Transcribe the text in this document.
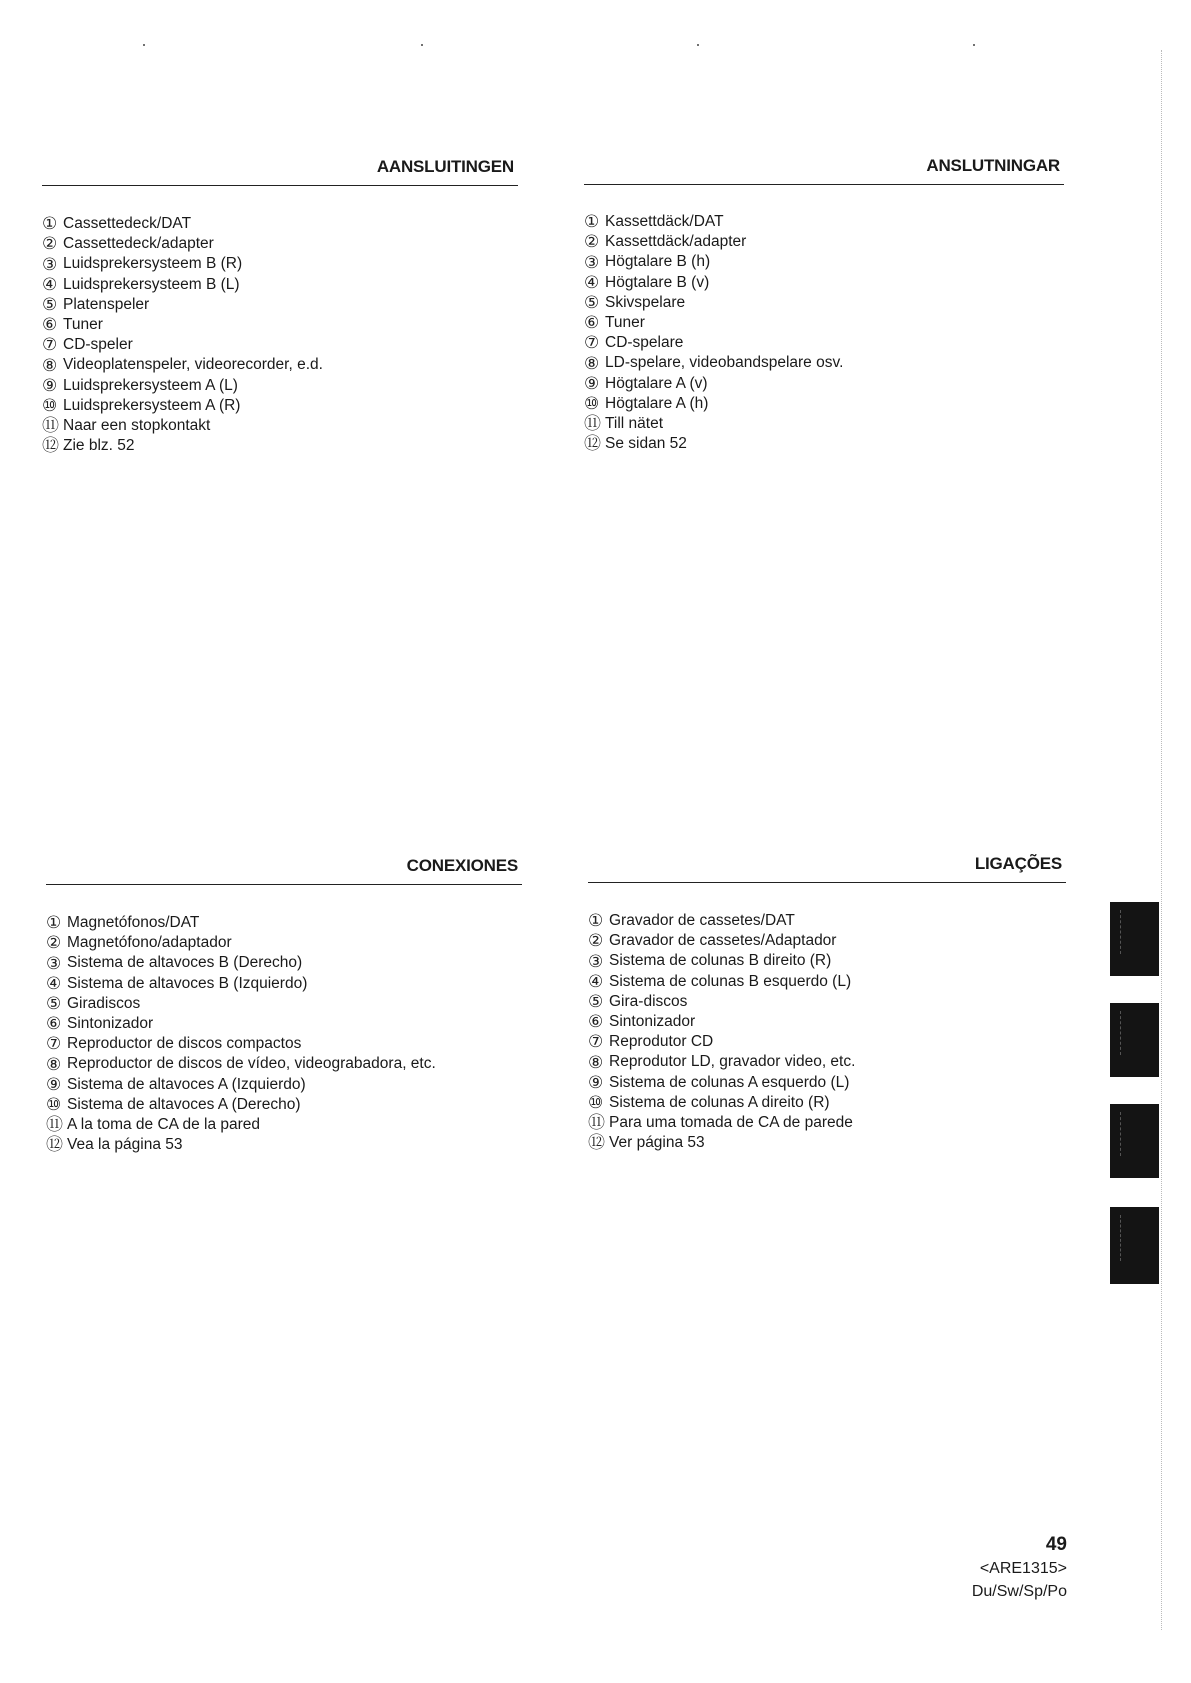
AANSLUITINGEN
① Cassettedeck/DAT
② Cassettedeck/adapter
③ Luidsprekersysteem B (R)
④ Luidsprekersysteem B (L)
⑤ Platenspeler
⑥ Tuner
⑦ CD-speler
⑧ Videoplatenspeler, videorecorder, e.d.
⑨ Luidsprekersysteem A (L)
⑩ Luidsprekersysteem A (R)
⑪ Naar een stopkontakt
⑫ Zie blz. 52
ANSLUTNINGAR
① Kassettdäck/DAT
② Kassettdäck/adapter
③ Högtalare B (h)
④ Högtalare B (v)
⑤ Skivspelare
⑥ Tuner
⑦ CD-spelare
⑧ LD-spelare, videobandspelare osv.
⑨ Högtalare A (v)
⑩ Högtalare A (h)
⑪ Till nätet
⑫ Se sidan 52
CONEXIONES
① Magnetófonos/DAT
② Magnetófono/adaptador
③ Sistema de altavoces B (Derecho)
④ Sistema de altavoces B (Izquierdo)
⑤ Giradiscos
⑥ Sintonizador
⑦ Reproductor de discos compactos
⑧ Reproductor de discos de vídeo, videograbadora, etc.
⑨ Sistema de altavoces A (Izquierdo)
⑩ Sistema de altavoces A (Derecho)
⑪ A la toma de CA de la pared
⑫ Vea la página 53
LIGAÇÕES
① Gravador de cassetes/DAT
② Gravador de cassetes/Adaptador
③ Sistema de colunas B direito (R)
④ Sistema de colunas B esquerdo (L)
⑤ Gira-discos
⑥ Sintonizador
⑦ Reprodutor CD
⑧ Reprodutor LD, gravador video, etc.
⑨ Sistema de colunas A esquerdo (L)
⑩ Sistema de colunas A direito (R)
⑪ Para uma tomada de CA de parede
⑫ Ver página 53
49
<ARE1315>
Du/Sw/Sp/Po
